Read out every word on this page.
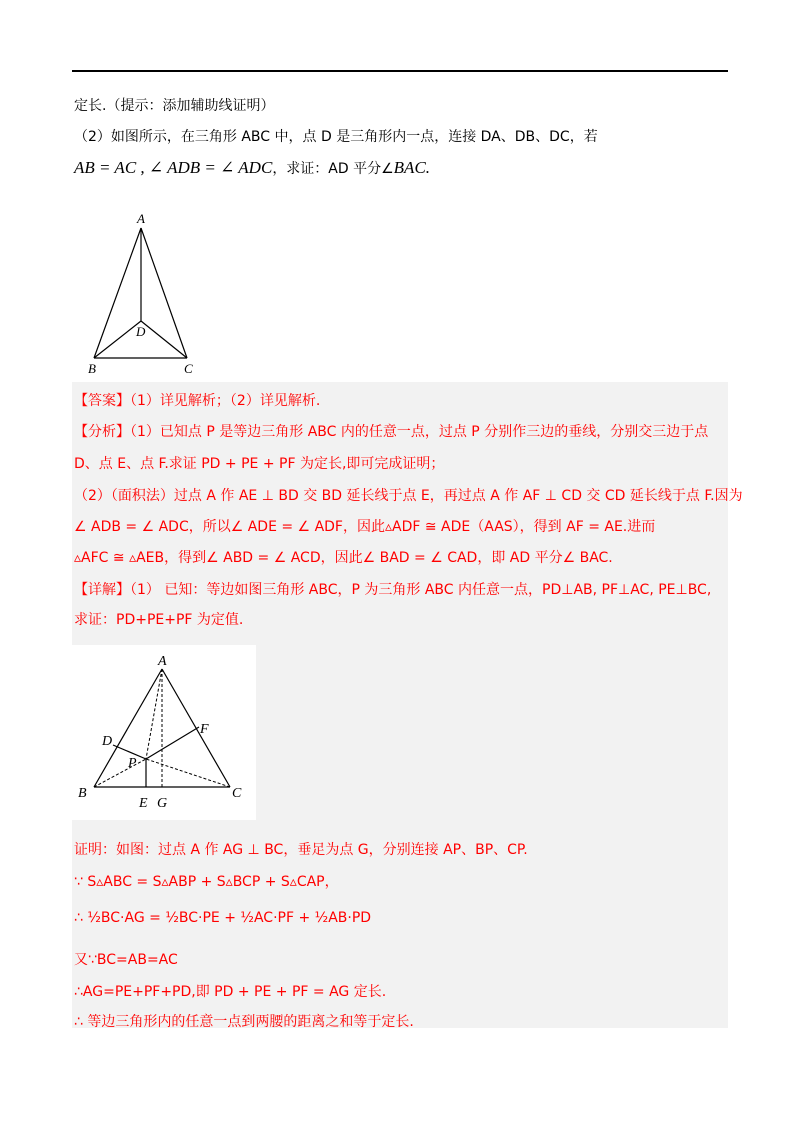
定长.（提示：添加辅助线证明）
（2）如图所示，在三角形 ABC 中，点 D 是三角形内一点，连接 DA、DB、DC，若
AB = AC , ∠ ADB = ∠ ADC，求证：AD 平分∠BAC.
A
B	C
D
【答案】（1）详见解析；（2）详见解析.
【分析】（1）已知点 P 是等边三角形 ABC 内的任意一点，过点 P 分别作三边的垂线，分别交三边于点
D、点 E、点 F.求证 PD + PE + PF 为定长,即可完成证明；
（2）（面积法）过点 A 作 AE ⊥ BD 交 BD 延长线于点 E，再过点 A 作 AF ⊥ CD 交 CD 延长线于点 F.因为
∠ ADB = ∠ ADC，所以∠ ADE = ∠ ADF，因此▵ADF ≅ ADE（AAS），得到 AF = AE.进而
▵AFC ≅ ▵AEB，得到∠ ABD = ∠ ACD，因此∠ BAD = ∠ CAD，即 AD 平分∠ BAC.
【详解】（1） 已知：等边如图三角形 ABC，P 为三角形 ABC 内任意一点，PD⊥AB, PF⊥AC, PE⊥BC,
求证：PD+PE+PF 为定值.
A
B	C
D
E
F
G
P
证明：如图：过点 A 作 AG ⊥ BC，垂足为点 G，分别连接 AP、BP、CP.
∵ S▵ABC = S▵ABP + S▵BCP + S▵CAP，
∴ ½BC·AG = ½BC·PE + ½AC·PF + ½AB·PD
又∵BC=AB=AC
∴AG=PE+PF+PD,即 PD + PE + PF = AG 定长.
∴ 等边三角形内的任意一点到两腰的距离之和等于定长.
